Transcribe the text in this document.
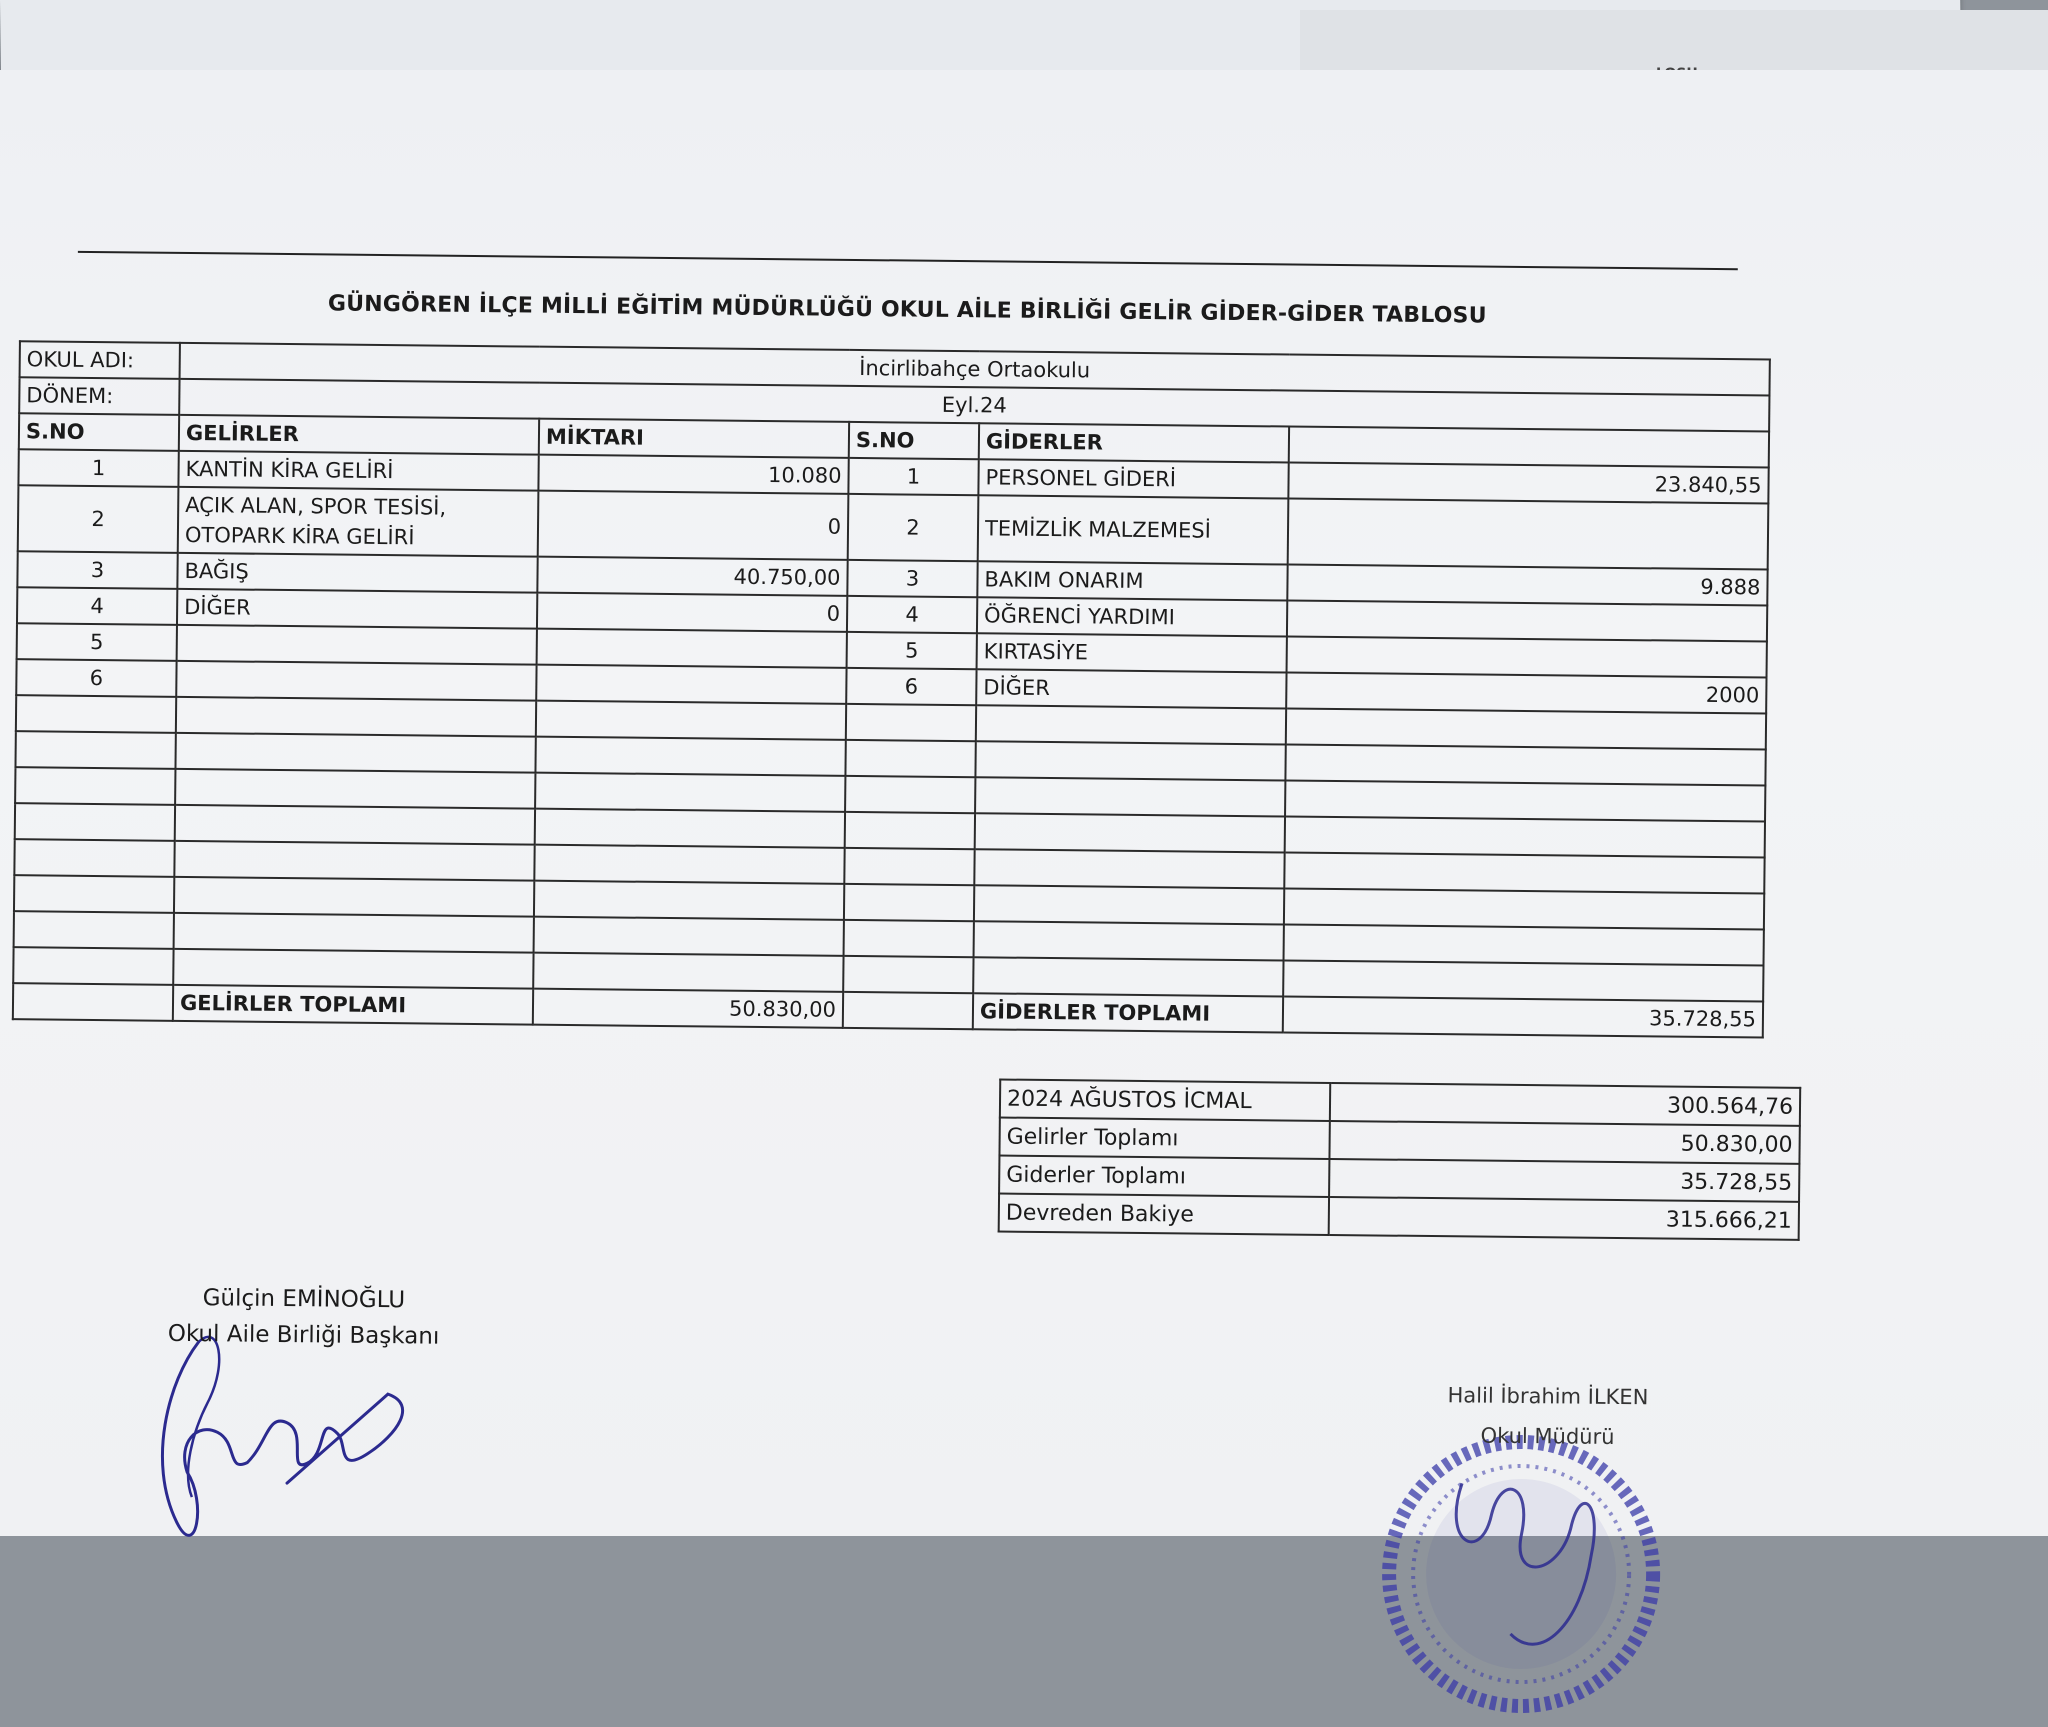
GÜNGÖREN İLÇE MİLLİ EĞİTİM MÜDÜRLÜĞÜ OKUL AİLE BİRLİĞİ GELİR GİDER-GİDER TABLOSU
OKUL ADI:	İncirlibahçe Ortaokulu				
DÖNEM:	Eyl.24				
S.NO	GELİRLER	MİKTARI	S.NO	GİDERLER	
1	KANTİN KİRA GELİRİ	10.080	1	PERSONEL GİDERİ	23.840,55
2	AÇIK ALAN, SPOR TESİSİ, OTOPARK KİRA GELİRİ	0	2	TEMİZLİK MALZEMESİ	
3	BAĞIŞ	40.750,00	3	BAKIM ONARIM	9.888
4	DİĞER	0	4	ÖĞRENCİ YARDIMI	
5			5	KIRTASİYE	
6			6	DİĞER	2000

	GELİRLER TOPLAMI	50.830,00		GİDERLER TOPLAMI	35.728,55
2024 AĞUSTOS İCMAL	300.564,76
Gelirler Toplamı	50.830,00
Giderler Toplamı	35.728,55
Devreden Bakiye	315.666,21
Gülçin EMİNOĞLU
Okul Aile Birliği Başkanı
Halil İbrahim İLKEN
Okul Müdürü
